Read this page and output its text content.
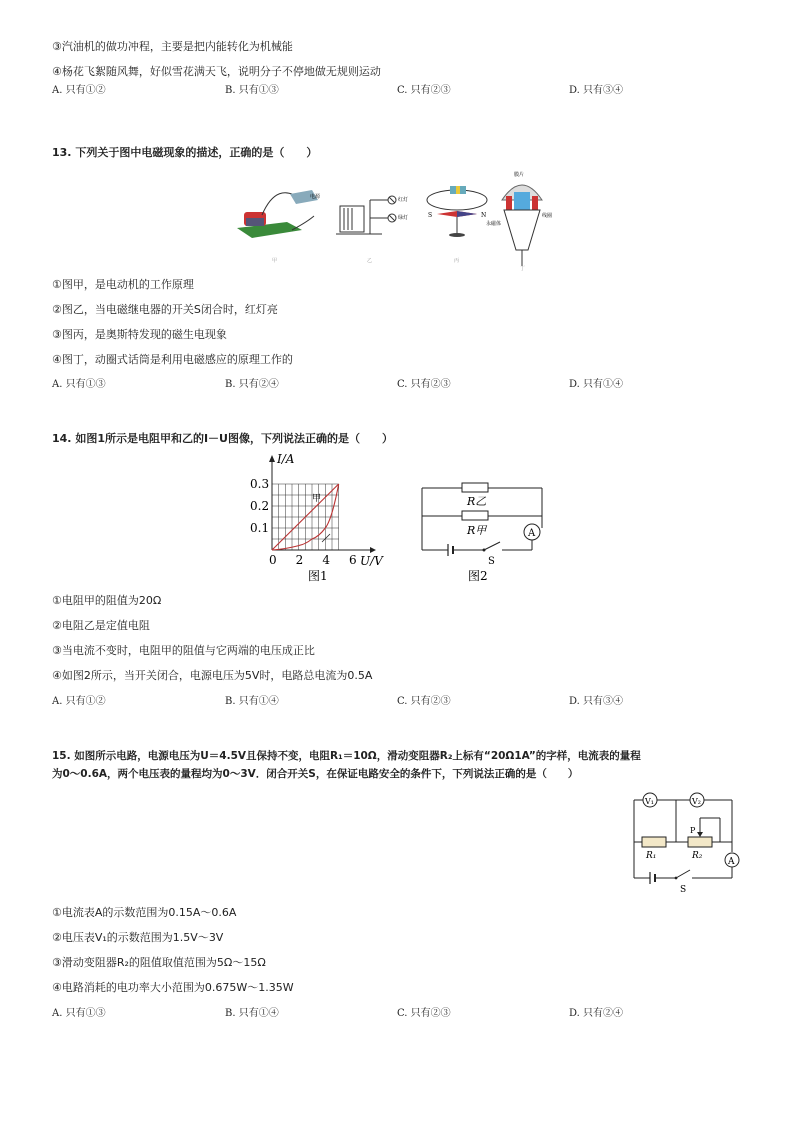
③汽油机的做功冲程，主要是把内能转化为机械能
④杨花飞絮随风舞，好似雪花满天飞，说明分子不停地做无规则运动
A. 只有①②	B. 只有①③	C. 只有②③	D. 只有③④
13. 下列关于图中电磁现象的描述，正确的是（　　）
电源
甲
红灯
绿灯
乙
S	N
丙
膜片
线圈
永磁体
丁
①图甲，是电动机的工作原理
②图乙，当电磁继电器的开关S闭合时，红灯亮
③图丙，是奥斯特发现的磁生电现象
④图丁，动圈式话筒是利用电磁感应的原理工作的
A. 只有①③	B. 只有②④	C. 只有②③	D. 只有①④
14. 如图1所示是电阻甲和乙的I－U图像，下列说法正确的是（　　）
I/A
U/V
0 2 4 6
0.1
0.2
0.3
甲
图1
R乙
R甲	A
S
图2
①电阻甲的阻值为20Ω
②电阻乙是定值电阻
③当电流不变时，电阻甲的阻值与它两端的电压成正比
④如图2所示，当开关闭合，电源电压为5V时，电路总电流为0.5A
A. 只有①②	B. 只有①④	C. 只有②③	D. 只有③④
15. 如图所示电路，电源电压为U＝4.5V且保持不变，电阻R₁＝10Ω，滑动变阻器R₂上标有“20Ω1A”的字样，电流表的量程
为0～0.6A，两个电压表的量程均为0～3V．闭合开关S，在保证电路安全的条件下，下列说法正确的是（　　）
V₁	V₂
P
R₁	R₂
A
S
①电流表A的示数范围为0.15A～0.6A
②电压表V₁的示数范围为1.5V～3V
③滑动变阻器R₂的阻值取值范围为5Ω～15Ω
④电路消耗的电功率大小范围为0.675W～1.35W
A. 只有①③	B. 只有①④	C. 只有②③	D. 只有②④
